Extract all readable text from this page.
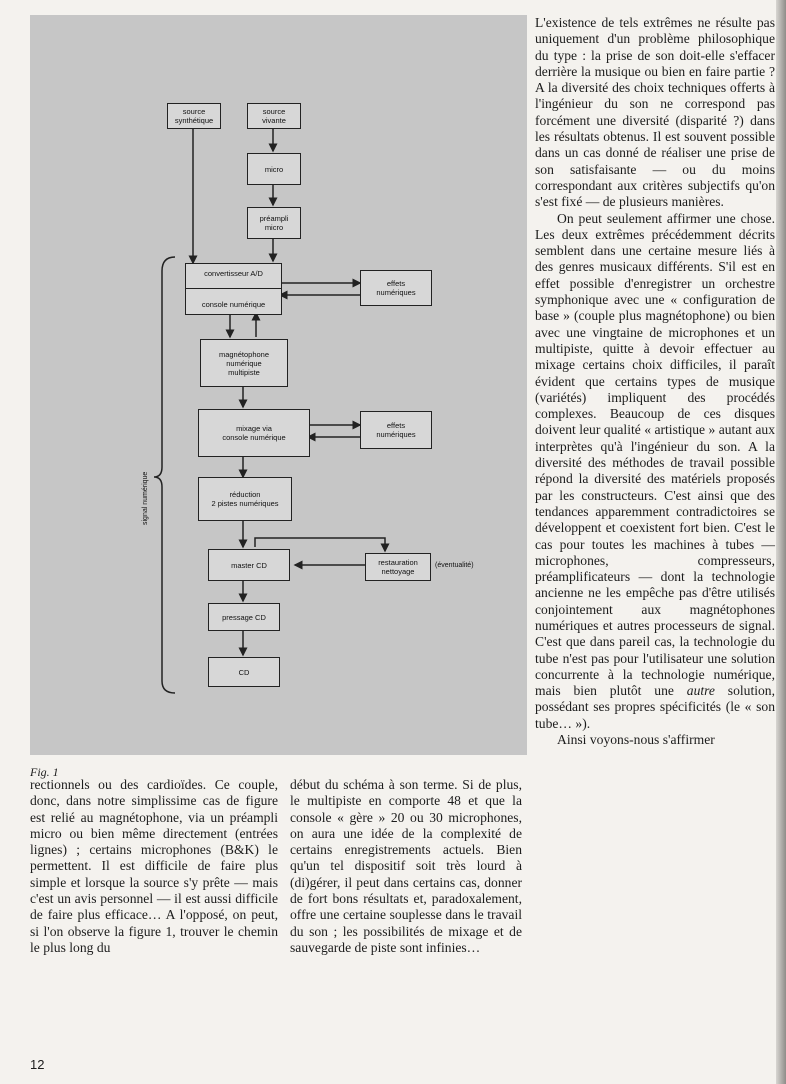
source
synthétique
source
vivante
micro
préampli
micro
convertisseur A/D
console numérique
effets
numériques
magnétophone
numérique
multipiste
mixage via
console numérique
effets
numériques
réduction
2 pistes numériques
master CD	restauration
nettoyage
(éventualité)
pressage CD
CD
signal numérique
Fig. 1

rectionnels ou des cardioïdes. Ce couple, donc, dans notre simplissime cas de figure est relié au magnétophone, via un préampli micro ou bien même directement (entrées lignes) ; certains microphones (B&K) le permettent. Il est difficile de faire plus simple et lorsque la source s'y prête — mais c'est un avis personnel — il est aussi difficile de faire plus efficace… A l'opposé, on peut, si l'on observe la figure 1, trouver le chemin le plus long du

début du schéma à son terme. Si de plus, le multipiste en comporte 48 et que la console « gère » 20 ou 30 microphones, on aura une idée de la complexité de certains enregistrements actuels. Bien qu'un tel dispositif soit très lourd à (di)gérer, il peut dans certains cas, donner de fort bons résultats et, paradoxalement, offre une certaine souplesse dans le travail du son ; les possibilités de mixage et de sauvegarde de piste sont infinies…

L'existence de tels extrêmes ne résulte pas uniquement d'un problème philosophique du type : la prise de son doit-elle s'effacer derrière la musique ou bien en faire partie ? A la diversité des choix techniques offerts à l'ingénieur du son ne correspond pas forcément une diversité (disparité ?) dans les résultats obtenus. Il est souvent possible dans un cas donné de réaliser une prise de son satisfaisante — ou du moins correspondant aux critères subjectifs qu'on s'est fixé — de plusieurs manières.

On peut seulement affirmer une chose. Les deux extrêmes précédemment décrits semblent dans une certaine mesure liés à des genres musicaux différents. S'il est en effet possible d'enregistrer un orchestre symphonique avec une « configuration de base » (couple plus magnétophone) ou bien avec une vingtaine de microphones et un multipiste, quitte à devoir effectuer au mixage certains choix difficiles, il paraît évident que certains types de musique (variétés) impliquent des procédés complexes. Beaucoup de ces disques doivent leur qualité « artistique » autant aux interprètes qu'à l'ingénieur du son. A la diversité des méthodes de travail possible répond la diversité des matériels proposés par les constructeurs. C'est ainsi que des tendances apparemment contradictoires se développent et coexistent fort bien. C'est le cas pour toutes les machines à tubes — microphones, compresseurs, préamplificateurs — dont la technologie ancienne ne les empêche pas d'être utilisés conjointement aux magnétophones numériques et autres processeurs de signal. C'est que dans pareil cas, la technologie du tube n'est pas pour l'utilisateur une solution concurrente à la technologie numérique, mais bien plutôt une autre solution, possédant ses propres spécificités (le « son tube… »).

Ainsi voyons-nous s'affirmer

12
